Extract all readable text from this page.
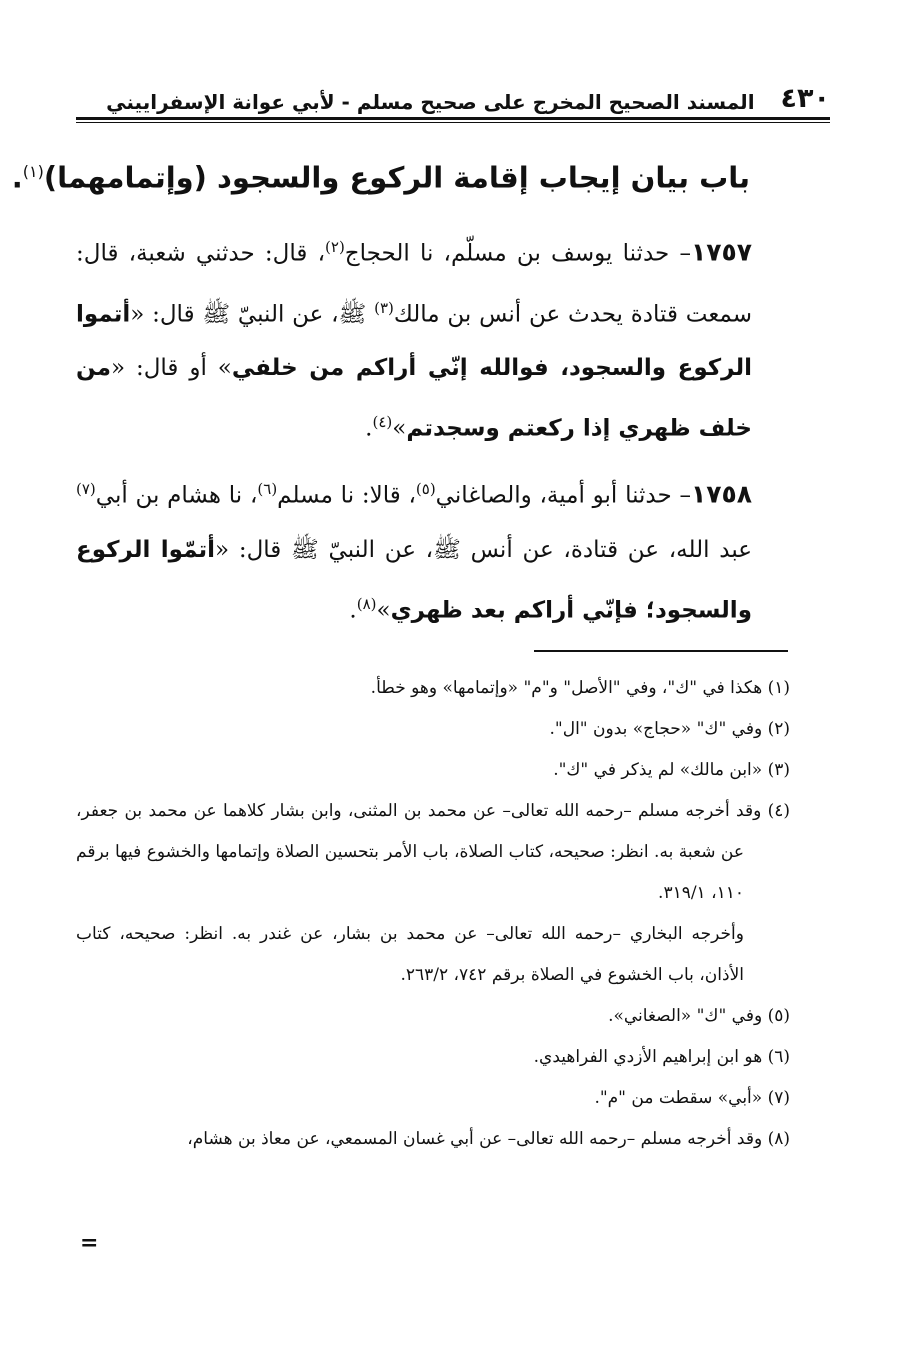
٤٣٠
المسند الصحيح المخرج على صحيح مسلم - لأبي عوانة الإسفراييني
باب بيان إيجاب إقامة الركوع والسجود (وإتمامهما)$^{(١)}$.

١٧٥٧– حدثنا يوسف بن مسلّم، نا الحجاج$^{(٢)}$، قال: حدثني شعبة، قال: سمعت قتادة يحدث عن أنس بن مالك$^{(٣)}$ ﷺ، عن النبيّ ﷺ قال: «أتموا الركوع والسجود، فوالله إنّي أراكم من خلفي» أو قال: «من خلف ظهري إذا ركعتم وسجدتم»$^{(٤)}$.

١٧٥٨– حدثنا أبو أمية، والصاغاني$^{(٥)}$، قالا: نا مسلم$^{(٦)}$، نا هشام بن أبي$^{(٧)}$ عبد الله، عن قتادة، عن أنس ﷺ، عن النبيّ ﷺ قال: «أتمّوا الركوع والسجود؛ فإنّي أراكم بعد ظهري»$^{(٨)}$.

(١) هكذا في "ك"، وفي "الأصل" و"م" «وإتمامها» وهو خطأ.

(٢) وفي "ك" «حجاج» بدون "ال".

(٣) «ابن مالك» لم يذكر في "ك".

(٤) وقد أخرجه مسلم –رحمه الله تعالى– عن محمد بن المثنى، وابن بشار كلاهما عن محمد بن جعفر، عن شعبة به. انظر: صحيحه، كتاب الصلاة، باب الأمر بتحسين الصلاة وإتمامها والخشوع فيها برقم ١١٠، ٣١٩/١.

وأخرجه البخاري –رحمه الله تعالى– عن محمد بن بشار، عن غندر به. انظر: صحيحه، كتاب الأذان، باب الخشوع في الصلاة برقم ٧٤٢، ٢٦٣/٢.

(٥) وفي "ك" «الصغاني».

(٦) هو ابن إبراهيم الأزدي الفراهيدي.

(٧) «أبي» سقطت من "م".

(٨) وقد أخرجه مسلم –رحمه الله تعالى– عن أبي غسان المسمعي، عن معاذ بن هشام،

=
